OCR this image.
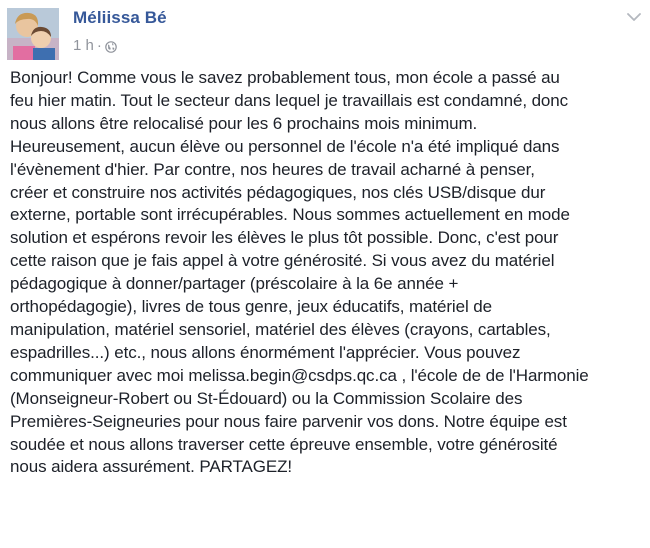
Méliissa Bé
1 h ·

Bonjour! Comme vous le savez probablement tous, mon école a passé au
feu hier matin. Tout le secteur dans lequel je travaillais est condamné, donc
nous allons être relocalisé pour les 6 prochains mois minimum.
Heureusement, aucun élève ou personnel de l'école n'a été impliqué dans
l'évènement d'hier. Par contre, nos heures de travail acharné à penser,
créer et construire nos activités pédagogiques, nos clés USB/disque dur
externe, portable sont irrécupérables. Nous sommes actuellement en mode
solution et espérons revoir les élèves le plus tôt possible. Donc, c'est pour
cette raison que je fais appel à votre générosité. Si vous avez du matériel
pédagogique à donner/partager (préscolaire à la 6e année +
orthopédagogie), livres de tous genre, jeux éducatifs, matériel de
manipulation, matériel sensoriel, matériel des élèves (crayons, cartables,
espadrilles...) etc., nous allons énormément l'apprécier. Vous pouvez
communiquer avec moi melissa.begin@csdps.qc.ca , l'école de de l'Harmonie
(Monseigneur-Robert ou St-Édouard) ou la Commission Scolaire des
Premières-Seigneuries pour nous faire parvenir vos dons. Notre équipe est
soudée et nous allons traverser cette épreuve ensemble, votre générosité
nous aidera assurément. PARTAGEZ!
